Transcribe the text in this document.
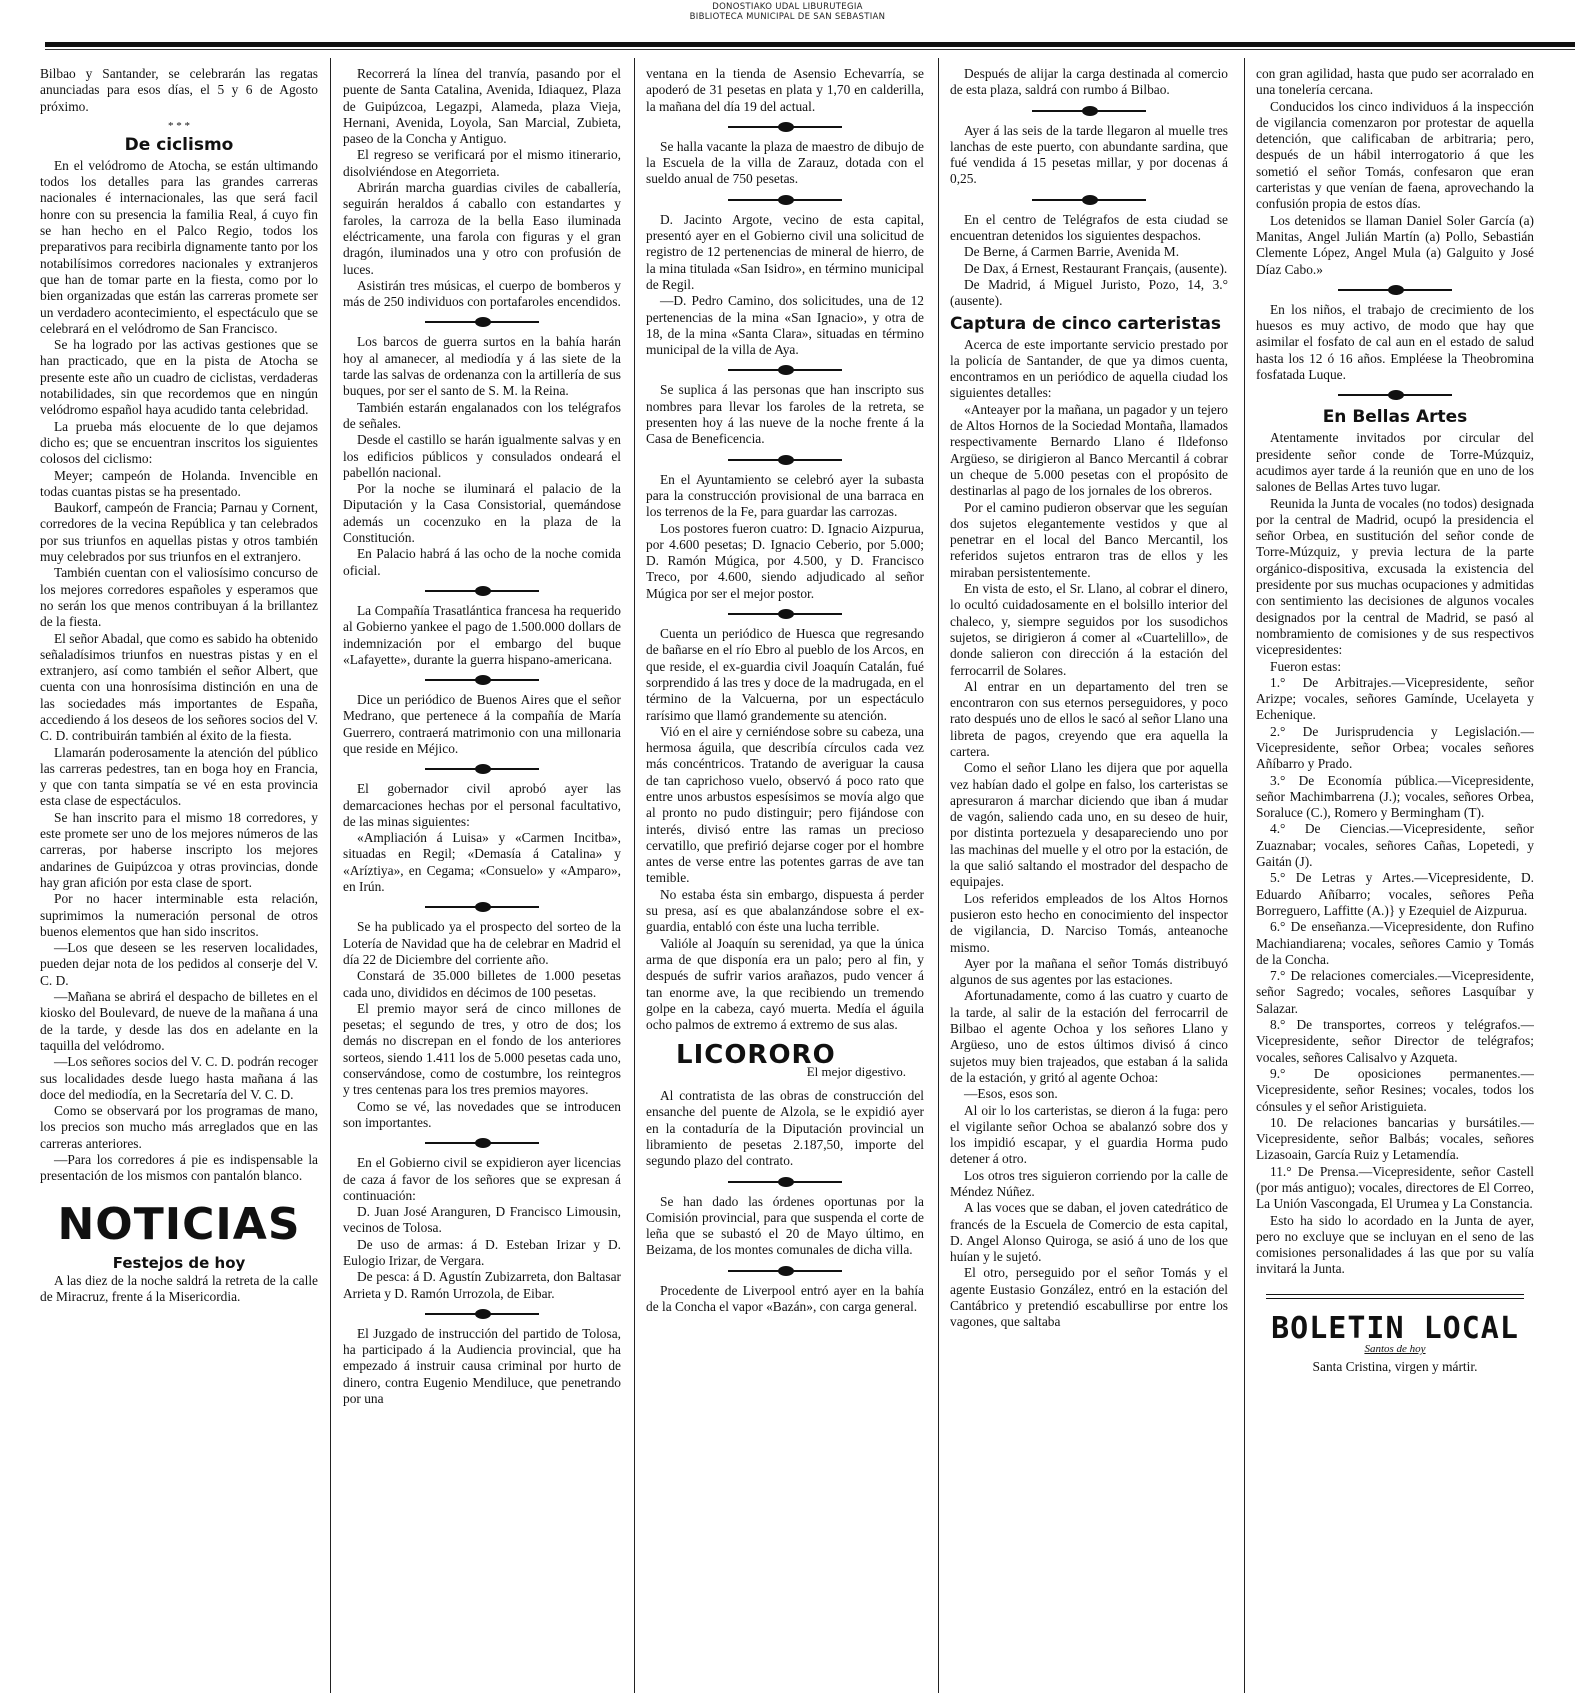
DONOSTIAKO UDAL LIBURUTEGIA
BIBLIOTECA MUNICIPAL DE SAN SEBASTIAN

Bilbao y Santander, se celebrarán las regatas anunciadas para esos días, el 5 y 6 de Agosto próximo.

* * *
De ciclismo

En el velódromo de Atocha, se están ultimando todos los detalles para las grandes carreras nacionales é internacionales, las que será facil honre con su presencia la familia Real, á cuyo fin se han hecho en el Palco Regio, todos los preparativos para recibirla dignamente tanto por los notabilísimos corredores nacionales y extranjeros que han de tomar parte en la fiesta, como por lo bien organizadas que están las carreras promete ser un verdadero acontecimiento, el espectáculo que se celebrará en el velódromo de San Francisco.

Se ha logrado por las activas gestiones que se han practicado, que en la pista de Atocha se presente este año un cuadro de ciclistas, verdaderas notabilidades, sin que recordemos que en ningún velódromo español haya acudido tanta celebridad.

La prueba más elocuente de lo que dejamos dicho es; que se encuentran inscritos los siguientes colosos del ciclismo:

Meyer; campeón de Holanda. Invencible en todas cuantas pistas se ha presentado.

Baukorf, campeón de Francia; Parnau y Cornent, corredores de la vecina República y tan celebrados por sus triunfos en aquellas pistas y otros también muy celebrados por sus triunfos en el extranjero.

También cuentan con el valiosísimo concurso de los mejores corredores españoles y esperamos que no serán los que menos contribuyan á la brillantez de la fiesta.

El señor Abadal, que como es sabido ha obtenido señaladísimos triunfos en nuestras pistas y en el extranjero, así como también el señor Albert, que cuenta con una honrosísima distinción en una de las sociedades más importantes de España, accediendo á los deseos de los señores socios del V. C. D. contribuirán también al éxito de la fiesta.

Llamarán poderosamente la atención del público las carreras pedestres, tan en boga hoy en Francia, y que con tanta simpatía se vé en esta provincia esta clase de espectáculos.

Se han inscrito para el mismo 18 corredores, y este promete ser uno de los mejores números de las carreras, por haberse inscripto los mejores andarines de Guipúzcoa y otras provincias, donde hay gran afición por esta clase de sport.

Por no hacer interminable esta relación, suprimimos la numeración personal de otros buenos elementos que han sido inscritos.

—Los que deseen se les reserven localidades, pueden dejar nota de los pedidos al conserje del V. C. D.

—Mañana se abrirá el despacho de billetes en el kiosko del Boulevard, de nueve de la mañana á una de la tarde, y desde las dos en adelante en la taquilla del velódromo.

—Los señores socios del V. C. D. podrán recoger sus localidades desde luego hasta mañana á las doce del mediodía, en la Secretaría del V. C. D.

Como se observará por los programas de mano, los precios son mucho más arreglados que en las carreras anteriores.

—Para los corredores á pie es indispensable la presentación de los mismos con pantalón blanco.

NOTICIAS
Festejos de hoy

A las diez de la noche saldrá la retreta de la calle de Miracruz, frente á la Misericordia.

Recorrerá la línea del tranvía, pasando por el puente de Santa Catalina, Avenida, Idiaquez, Plaza de Guipúzcoa, Legazpi, Alameda, plaza Vieja, Hernani, Avenida, Loyola, San Marcial, Zubieta, paseo de la Concha y Antiguo.

El regreso se verificará por el mismo itinerario, disolviéndose en Ategorrieta.

Abrirán marcha guardias civiles de caballería, seguirán heraldos á caballo con estandartes y faroles, la carroza de la bella Easo iluminada eléctricamente, una farola con figuras y el gran dragón, iluminados una y otro con profusión de luces.

Asistirán tres músicas, el cuerpo de bomberos y más de 250 individuos con portafaroles encendidos.

Los barcos de guerra surtos en la bahía harán hoy al amanecer, al mediodía y á las siete de la tarde las salvas de ordenanza con la artillería de sus buques, por ser el santo de S. M. la Reina.

También estarán engalanados con los telégrafos de señales.

Desde el castillo se harán igualmente salvas y en los edificios públicos y consulados ondeará el pabellón nacional.

Por la noche se iluminará el palacio de la Diputación y la Casa Consistorial, quemándose además un cocenzuko en la plaza de la Constitución.

En Palacio habrá á las ocho de la noche comida oficial.

La Compañía Trasatlántica francesa ha requerido al Gobierno yankee el pago de 1.500.000 dollars de indemnización por el embargo del buque «Lafayette», durante la guerra hispano-americana.

Dice un periódico de Buenos Aires que el señor Medrano, que pertenece á la compañía de María Guerrero, contraerá matrimonio con una millonaria que reside en Méjico.

El gobernador civil aprobó ayer las demarcaciones hechas por el personal facultativo, de las minas siguientes:

«Ampliación á Luisa» y «Carmen Incitba», situadas en Regil; «Demasía á Catalina» y «Aríztiya», en Cegama; «Consuelo» y «Amparo», en Irún.

Se ha publicado ya el prospecto del sorteo de la Lotería de Navidad que ha de celebrar en Madrid el día 22 de Diciembre del corriente año.

Constará de 35.000 billetes de 1.000 pesetas cada uno, divididos en décimos de 100 pesetas.

El premio mayor será de cinco millones de pesetas; el segundo de tres, y otro de dos; los demás no discrepan en el fondo de los anteriores sorteos, siendo 1.411 los de 5.000 pesetas cada uno, conservándose, como de costumbre, los reintegros y tres centenas para los tres premios mayores.

Como se vé, las novedades que se introducen son importantes.

En el Gobierno civil se expidieron ayer licencias de caza á favor de los señores que se expresan á continuación:

D. Juan José Aranguren, D Francisco Limousin, vecinos de Tolosa.

De uso de armas: á D. Esteban Irizar y D. Eulogio Irizar, de Vergara.

De pesca: á D. Agustín Zubizarreta, don Baltasar Arrieta y D. Ramón Urrozola, de Eibar.

El Juzgado de instrucción del partido de Tolosa, ha participado á la Audiencia provincial, que ha empezado á instruir causa criminal por hurto de dinero, contra Eugenio Mendiluce, que penetrando por una

ventana en la tienda de Asensio Echevarría, se apoderó de 31 pesetas en plata y 1,70 en calderilla, la mañana del día 19 del actual.

Se halla vacante la plaza de maestro de dibujo de la Escuela de la villa de Zarauz, dotada con el sueldo anual de 750 pesetas.

D. Jacinto Argote, vecino de esta capital, presentó ayer en el Gobierno civil una solicitud de registro de 12 pertenencias de mineral de hierro, de la mina titulada «San Isidro», en término municipal de Regil.

—D. Pedro Camino, dos solicitudes, una de 12 pertenencias de la mina «San Ignacio», y otra de 18, de la mina «Santa Clara», situadas en término municipal de la villa de Aya.

Se suplica á las personas que han inscripto sus nombres para llevar los faroles de la retreta, se presenten hoy á las nueve de la noche frente á la Casa de Beneficencia.

En el Ayuntamiento se celebró ayer la subasta para la construcción provisional de una barraca en los terrenos de la Fe, para guardar las carrozas.

Los postores fueron cuatro: D. Ignacio Aizpurua, por 4.600 pesetas; D. Ignacio Ceberio, por 5.000; D. Ramón Múgica, por 4.500, y D. Francisco Treco, por 4.600, siendo adjudicado al señor Múgica por ser el mejor postor.

Cuenta un periódico de Huesca que regresando de bañarse en el río Ebro al pueblo de los Arcos, en que reside, el ex-guardia civil Joaquín Catalán, fué sorprendido á las tres y doce de la madrugada, en el término de la Valcuerna, por un espectáculo rarísimo que llamó grandemente su atención.

Vió en el aire y cerniéndose sobre su cabeza, una hermosa águila, que describía círculos cada vez más concéntricos. Tratando de averiguar la causa de tan caprichoso vuelo, observó á poco rato que entre unos arbustos espesísimos se movía algo que al pronto no pudo distinguir; pero fijándose con interés, divisó entre las ramas un precioso cervatillo, que prefirió dejarse coger por el hombre antes de verse entre las potentes garras de ave tan temible.

No estaba ésta sin embargo, dispuesta á perder su presa, así es que abalanzándose sobre el ex-guardia, entabló con éste una lucha terrible.

Valióle al Joaquín su serenidad, ya que la única arma de que disponía era un palo; pero al fin, y después de sufrir varios arañazos, pudo vencer á tan enorme ave, la que recibiendo un tremendo golpe en la cabeza, cayó muerta. Medía el águila ocho palmos de extremo á extremo de sus alas.

LICORORO
El mejor digestivo.

Al contratista de las obras de construcción del ensanche del puente de Alzola, se le expidió ayer en la contaduría de la Diputación provincial un libramiento de pesetas 2.187,50, importe del segundo plazo del contrato.

Se han dado las órdenes oportunas por la Comisión provincial, para que suspenda el corte de leña que se subastó el 20 de Mayo último, en Beizama, de los montes comunales de dicha villa.

Procedente de Liverpool entró ayer en la bahía de la Concha el vapor «Bazán», con carga general.

Después de alijar la carga destinada al comercio de esta plaza, saldrá con rumbo á Bilbao.

Ayer á las seis de la tarde llegaron al muelle tres lanchas de este puerto, con abundante sardina, que fué vendida á 15 pesetas millar, y por docenas á 0,25.

En el centro de Telégrafos de esta ciudad se encuentran detenidos los siguientes despachos.

De Berne, á Carmen Barrie, Avenida M.

De Dax, á Ernest, Restaurant Français, (ausente).

De Madrid, á Miguel Juristo, Pozo, 14, 3.° (ausente).

Captura de cinco carteristas

Acerca de este importante servicio prestado por la policía de Santander, de que ya dimos cuenta, encontramos en un periódico de aquella ciudad los siguientes detalles:

«Anteayer por la mañana, un pagador y un tejero de Altos Hornos de la Sociedad Montaña, llamados respectivamente Bernardo Llano é Ildefonso Argüeso, se dirigieron al Banco Mercantil á cobrar un cheque de 5.000 pesetas con el propósito de destinarlas al pago de los jornales de los obreros.

Por el camino pudieron observar que les seguían dos sujetos elegantemente vestidos y que al penetrar en el local del Banco Mercantil, los referidos sujetos entraron tras de ellos y les miraban persistentemente.

En vista de esto, el Sr. Llano, al cobrar el dinero, lo ocultó cuidadosamente en el bolsillo interior del chaleco, y, siempre seguidos por los susodichos sujetos, se dirigieron á comer al «Cuartelillo», de donde salieron con dirección á la estación del ferrocarril de Solares.

Al entrar en un departamento del tren se encontraron con sus eternos perseguidores, y poco rato después uno de ellos le sacó al señor Llano una libreta de pagos, creyendo que era aquella la cartera.

Como el señor Llano les dijera que por aquella vez habían dado el golpe en falso, los carteristas se apresuraron á marchar diciendo que iban á mudar de vagón, saliendo cada uno, en su deseo de huir, por distinta portezuela y desapareciendo uno por las machinas del muelle y el otro por la estación, de la que salió saltando el mostrador del despacho de equipajes.

Los referidos empleados de los Altos Hornos pusieron esto hecho en conocimiento del inspector de vigilancia, D. Narciso Tomás, anteanoche mismo.

Ayer por la mañana el señor Tomás distribuyó algunos de sus agentes por las estaciones.

Afortunadamente, como á las cuatro y cuarto de la tarde, al salir de la estación del ferrocarril de Bilbao el agente Ochoa y los señores Llano y Argüeso, uno de estos últimos divisó á cinco sujetos muy bien trajeados, que estaban á la salida de la estación, y gritó al agente Ochoa:

—Esos, esos son.

Al oir lo los carteristas, se dieron á la fuga: pero el vigilante señor Ochoa se abalanzó sobre dos y los impidió escapar, y el guardia Horma pudo detener á otro.

Los otros tres siguieron corriendo por la calle de Méndez Núñez.

A las voces que se daban, el joven catedrático de francés de la Escuela de Comercio de esta capital, D. Angel Alonso Quiroga, se asió á uno de los que huían y le sujetó.

El otro, perseguido por el señor Tomás y el agente Eustasio González, entró en la estación del Cantábrico y pretendió escabullirse por entre los vagones, que saltaba

con gran agilidad, hasta que pudo ser acorralado en una tonelería cercana.

Conducidos los cinco individuos á la inspección de vigilancia comenzaron por protestar de aquella detención, que calificaban de arbitraria; pero, después de un hábil interrogatorio á que les sometió el señor Tomás, confesaron que eran carteristas y que venían de faena, aprovechando la confusión propia de estos días.

Los detenidos se llaman Daniel Soler García (a) Manitas, Angel Julián Martín (a) Pollo, Sebastián Clemente López, Angel Mula (a) Galguito y José Díaz Cabo.»

En los niños, el trabajo de crecimiento de los huesos es muy activo, de modo que hay que asimilar el fosfato de cal aun en el estado de salud hasta los 12 ó 16 años. Empléese la Theobromina fosfatada Luque.

En Bellas Artes

Atentamente invitados por circular del presidente señor conde de Torre-Múzquiz, acudimos ayer tarde á la reunión que en uno de los salones de Bellas Artes tuvo lugar.

Reunida la Junta de vocales (no todos) designada por la central de Madrid, ocupó la presidencia el señor Orbea, en sustitución del señor conde de Torre-Múzquiz, y previa lectura de la parte orgánico-dispositiva, excusada la existencia del presidente por sus muchas ocupaciones y admitidas con sentimiento las decisiones de algunos vocales designados por la central de Madrid, se pasó al nombramiento de comisiones y de sus respectivos vicepresidentes:

Fueron estas:

1.° De Arbitrajes.—Vicepresidente, señor Arizpe; vocales, señores Gamínde, Ucelayeta y Echenique.

2.° De Jurisprudencia y Legislación.—Vicepresidente, señor Orbea; vocales señores Añíbarro y Prado.

3.° De Economía pública.—Vicepresidente, señor Machimbarrena (J.); vocales, señores Orbea, Soraluce (C.), Romero y Bermingham (T).

4.° De Ciencias.—Vicepresidente, señor Zuaznabar; vocales, señores Cañas, Lopetedi, y Gaitán (J).

5.° De Letras y Artes.—Vicepresidente, D. Eduardo Añíbarro; vocales, señores Peña Borreguero, Laffitte (A.)} y Ezequiel de Aizpurua.

6.° De enseñanza.—Vicepresidente, don Rufino Machiandiarena; vocales, señores Camio y Tomás de la Concha.

7.° De relaciones comerciales.—Vicepresidente, señor Sagredo; vocales, señores Lasquíbar y Salazar.

8.° De transportes, correos y telégrafos.—Vicepresidente, señor Director de telégrafos; vocales, señores Calisalvo y Azqueta.

9.° De oposiciones permanentes.—Vicepresidente, señor Resines; vocales, todos los cónsules y el señor Aristiguieta.

10. De relaciones bancarias y bursátiles.—Vicepresidente, señor Balbás; vocales, señores Lizasoain, García Ruiz y Letamendía.

11.° De Prensa.—Vicepresidente, señor Castell (por más antiguo); vocales, directores de El Correo, La Unión Vascongada, El Urumea y La Constancia.

Esto ha sido lo acordado en la Junta de ayer, pero no excluye que se incluyan en el seno de las comisiones personalidades á las que por su valía invitará la Junta.

BOLETIN LOCAL
Santos de hoy

Santa Cristina, virgen y mártir.
